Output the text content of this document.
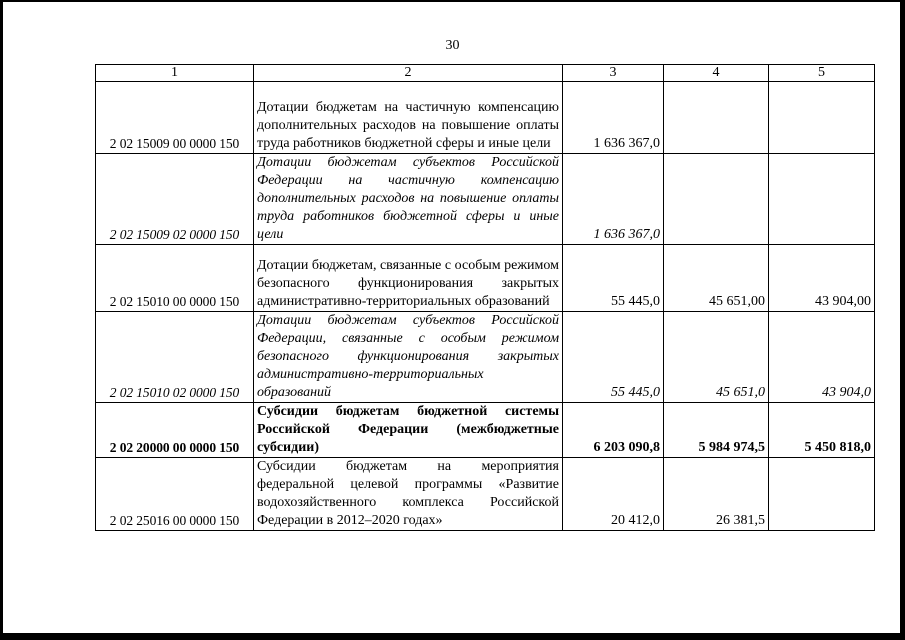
30
1	2	3	4	5
2 02 15009 00 0000 150	Дотации бюджетам на частичную компенсацию дополнительных расходов на повышение оплаты труда работников бюджетной сферы и иные цели	1 636 367,0		
2 02 15009 02 0000 150	Дотации бюджетам субъектов Российской Федерации на частичную компенсацию дополнительных расходов на повышение оплаты труда работников бюджетной сферы и иные цели	1 636 367,0		
2 02 15010 00 0000 150	Дотации бюджетам, связанные с особым режимом безопасного функционирования закрытых административно-территориальных образований	55 445,0	45 651,00	43 904,00
2 02 15010 02 0000 150	Дотации бюджетам субъектов Российской Федерации, связанные с особым режимом безопасного функционирования закрытых административно-территориальных образований	55 445,0	45 651,0	43 904,0
2 02 20000 00 0000 150	Субсидии бюджетам бюджетной системы Российской Федерации (межбюджетные субсидии)	6 203 090,8	5 984 974,5	5 450 818,0
2 02 25016 00 0000 150	Субсидии бюджетам на мероприятия федеральной целевой программы «Развитие водохозяйственного комплекса Российской Федерации в 2012–2020 годах»	20 412,0	26 381,5	
